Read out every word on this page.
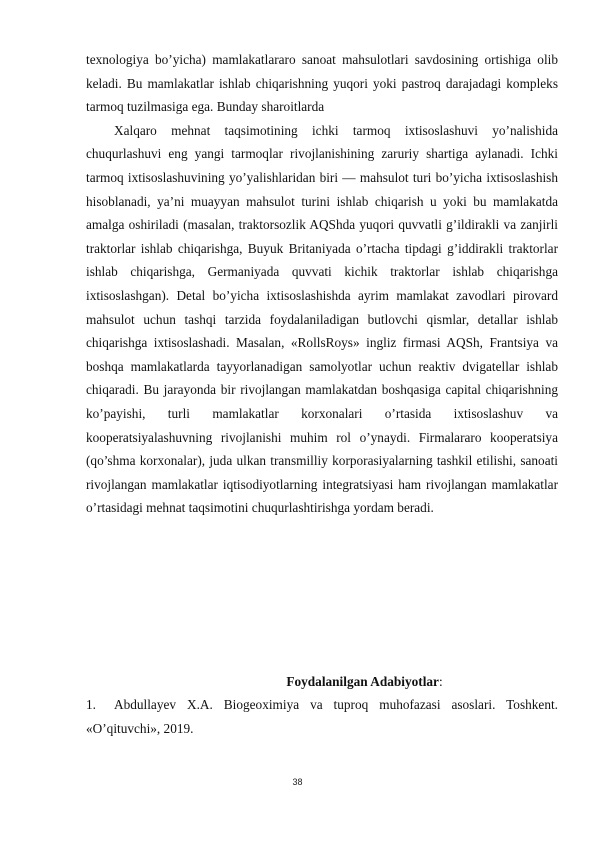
texnologiya bo’yicha) mamlakatlararo sanoat mahsulotlari savdosining ortishiga olib keladi. Bu mamlakatlar ishlab chiqarishning yuqori yoki pastroq darajadagi kompleks tarmoq tuzilmasiga ega. Bunday sharoitlarda

Xalqaro mehnat taqsimotining ichki tarmoq ixtisoslashuvi yo’nalishida chuqurlashuvi eng yangi tarmoqlar rivojlanishining zaruriy shartiga aylanadi. Ichki tarmoq ixtisoslashuvining yo’yalishlaridan biri — mahsulot turi bo’yicha ixtisoslashish hisoblanadi, ya’ni muayyan mahsulot turini ishlab chiqarish u yoki bu mamlakatda amalga oshiriladi (masalan, traktorsozlik AQShda yuqori quvvatli g’ildirakli va zanjirli traktorlar ishlab chiqarishga, Buyuk Britaniyada o’rtacha tipdagi g’iddirakli traktorlar ishlab chiqarishga, Germaniyada quvvati kichik traktorlar ishlab chiqarishga ixtisoslashgan). Detal bo’yicha ixtisoslashishda ayrim mamlakat zavodlari pirovard mahsulot uchun tashqi tarzida foydalaniladigan butlovchi qismlar, detallar ishlab chiqarishga ixtisoslashadi. Masalan, «RollsRoys» ingliz firmasi AQSh, Frantsiya va boshqa mamlakatlarda tayyorlanadigan samolyotlar uchun reaktiv dvigatellar ishlab chiqaradi. Bu jarayonda bir rivojlangan mamlakatdan boshqasiga capital chiqarishning ko’payishi, turli mamlakatlar korxonalari o’rtasida ixtisoslashuv va kooperatsiyalashuvning rivojlanishi muhim rol o’ynaydi. Firmalararo kooperatsiya (qo’shma korxonalar), juda ulkan transmilliy korporasiyalarning tashkil etilishi, sanoati rivojlangan mamlakatlar iqtisodiyotlarning integratsiyasi ham rivojlangan mamlakatlar o’rtasidagi mehnat taqsimotini chuqurlashtirishga yordam beradi.

Foydalanilgan Adabiyotlar:

1. Abdullayev X.A. Biogeoximiya va tuproq muhofazasi asoslari. Toshkent. «O’qituvchi», 2019.

38
